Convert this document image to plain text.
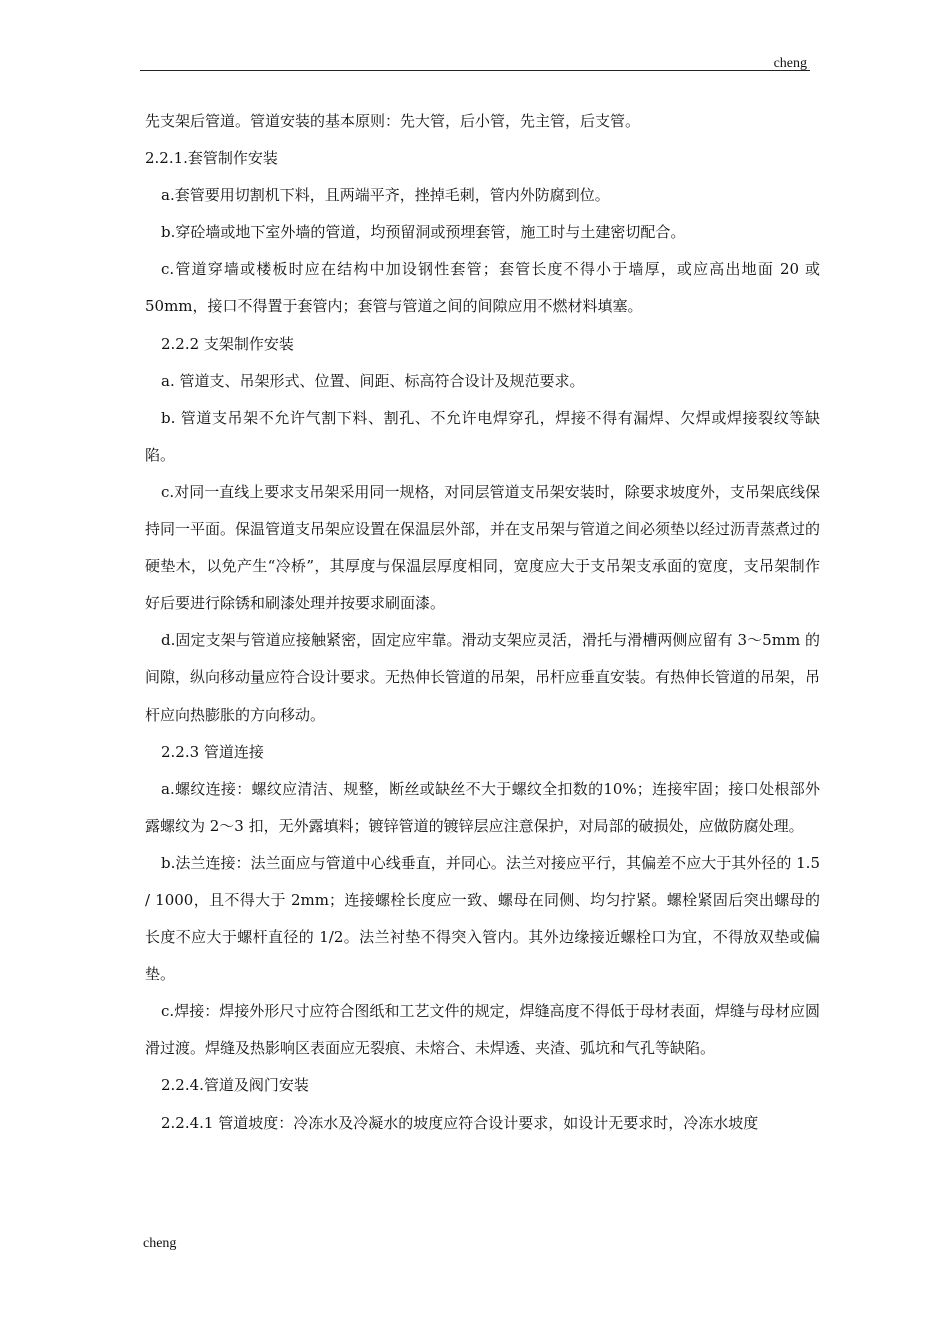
cheng

先支架后管道。管道安装的基本原则：先大管，后小管，先主管，后支管。

2.2.1.套管制作安装

a.套管要用切割机下料，且两端平齐，挫掉毛刺，管内外防腐到位。

b.穿砼墙或地下室外墙的管道，均预留洞或预埋套管，施工时与土建密切配合。

c.管道穿墙或楼板时应在结构中加设钢性套管；套管长度不得小于墙厚，或应高出地面 20 或 50mm，接口不得置于套管内；套管与管道之间的间隙应用不燃材料填塞。

2.2.2 支架制作安装

a. 管道支、吊架形式、位置、间距、标高符合设计及规范要求。

b. 管道支吊架不允许气割下料、割孔、不允许电焊穿孔，焊接不得有漏焊、欠焊或焊接裂纹等缺陷。

c.对同一直线上要求支吊架采用同一规格，对同层管道支吊架安装时，除要求坡度外，支吊架底线保持同一平面。保温管道支吊架应设置在保温层外部，并在支吊架与管道之间必须垫以经过沥青蒸煮过的硬垫木，以免产生“冷桥”，其厚度与保温层厚度相同，宽度应大于支吊架支承面的宽度，支吊架制作好后要进行除锈和刷漆处理并按要求刷面漆。

d.固定支架与管道应接触紧密，固定应牢靠。滑动支架应灵活，滑托与滑槽两侧应留有 3～5mm 的间隙，纵向移动量应符合设计要求。无热伸长管道的吊架，吊杆应垂直安装。有热伸长管道的吊架，吊杆应向热膨胀的方向移动。

2.2.3 管道连接

a.螺纹连接：螺纹应清洁、规整，断丝或缺丝不大于螺纹全扣数的10%；连接牢固；接口处根部外露螺纹为 2～3 扣，无外露填料；镀锌管道的镀锌层应注意保护，对局部的破损处，应做防腐处理。

b.法兰连接：法兰面应与管道中心线垂直，并同心。法兰对接应平行，其偏差不应大于其外径的 1.5 / 1000，且不得大于 2mm；连接螺栓长度应一致、螺母在同侧、均匀拧紧。螺栓紧固后突出螺母的长度不应大于螺杆直径的 1/2。法兰衬垫不得突入管内。其外边缘接近螺栓口为宜，不得放双垫或偏垫。

c.焊接：焊接外形尺寸应符合图纸和工艺文件的规定，焊缝高度不得低于母材表面，焊缝与母材应圆滑过渡。焊缝及热影响区表面应无裂痕、未熔合、未焊透、夹渣、弧坑和气孔等缺陷。

2.2.4.管道及阀门安装

2.2.4.1 管道坡度：冷冻水及冷凝水的坡度应符合设计要求，如设计无要求时，冷冻水坡度

cheng
